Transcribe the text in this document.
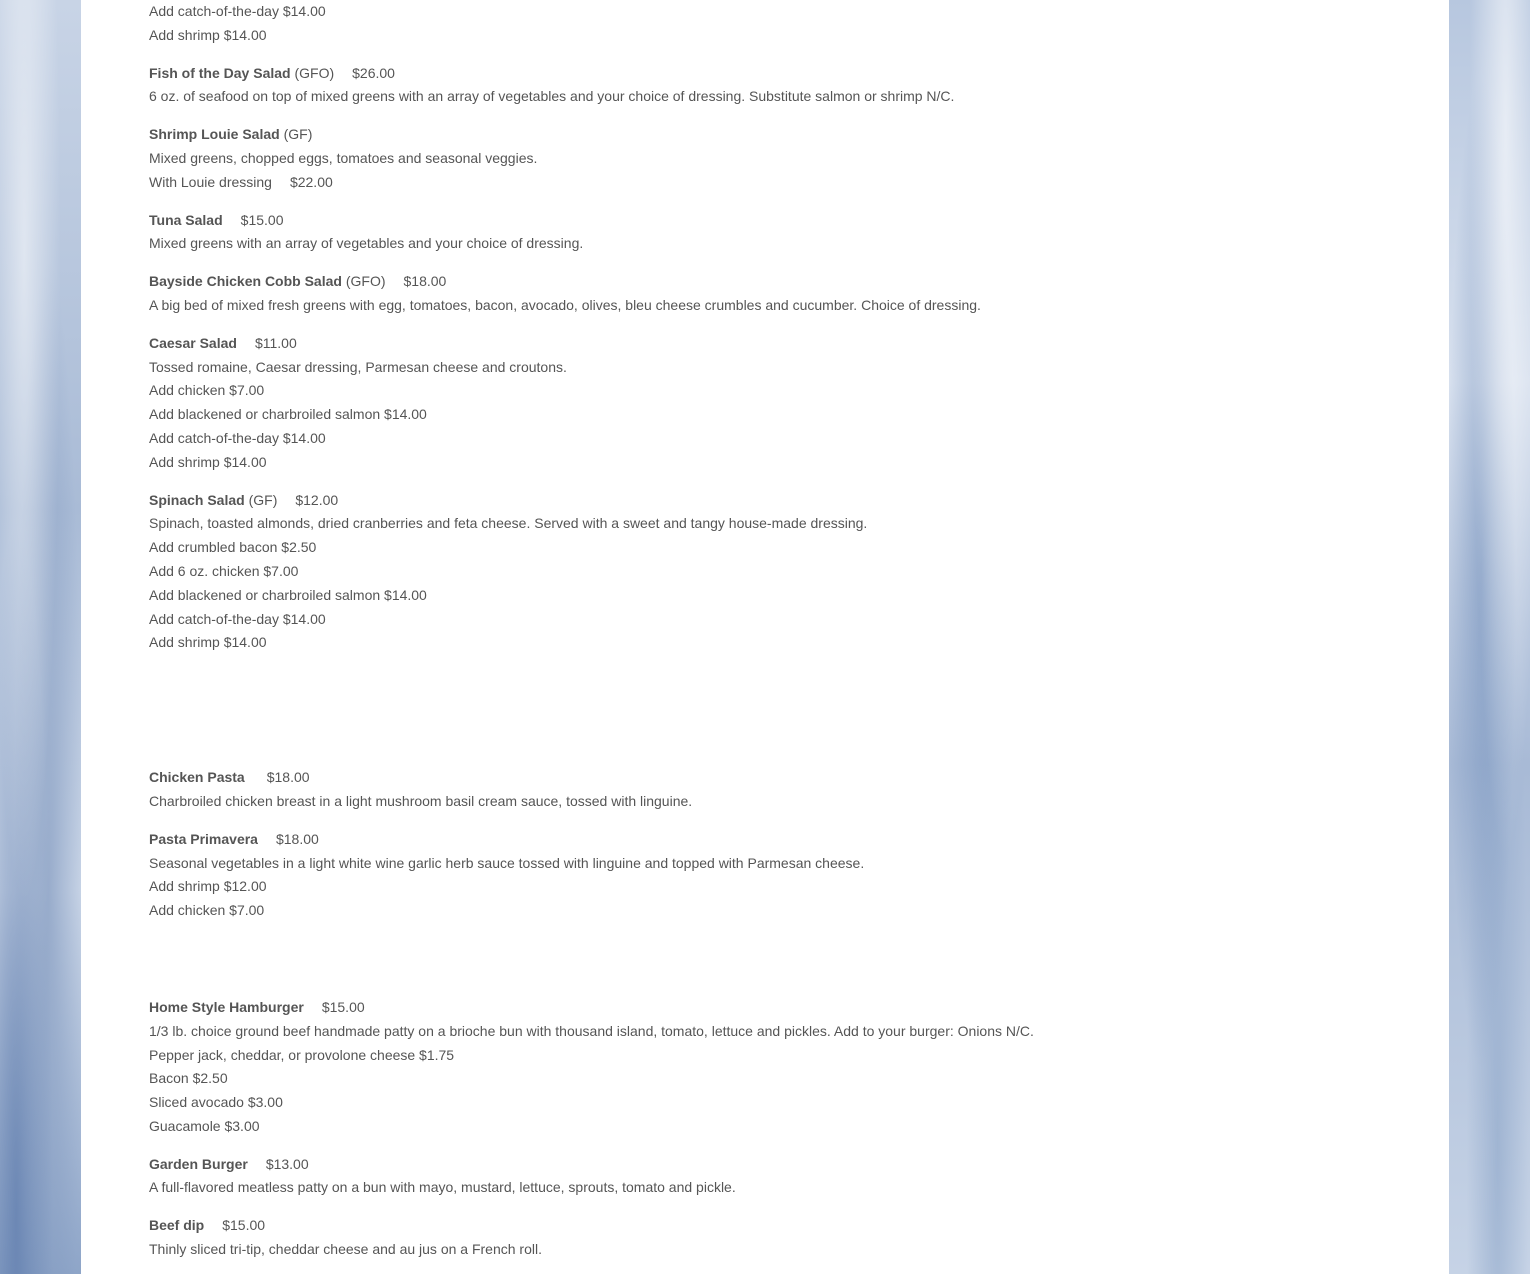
Add catch-of-the-day $14.00
Add shrimp $14.00
Fish of the Day Salad (GFO) $26.00
6 oz. of seafood on top of mixed greens with an array of vegetables and your choice of dressing. Substitute salmon or shrimp N/C.
Shrimp Louie Salad (GF)
Mixed greens, chopped eggs, tomatoes and seasonal veggies.
With Louie dressing $22.00
Tuna Salad $15.00
Mixed greens with an array of vegetables and your choice of dressing.
Bayside Chicken Cobb Salad (GFO) $18.00
A big bed of mixed fresh greens with egg, tomatoes, bacon, avocado, olives, bleu cheese crumbles and cucumber. Choice of dressing.
Caesar Salad $11.00
Tossed romaine, Caesar dressing, Parmesan cheese and croutons.
Add chicken $7.00
Add blackened or charbroiled salmon $14.00
Add catch-of-the-day $14.00
Add shrimp $14.00
Spinach Salad (GF) $12.00
Spinach, toasted almonds, dried cranberries and feta cheese. Served with a sweet and tangy house-made dressing.
Add crumbled bacon $2.50
Add 6 oz. chicken $7.00
Add blackened or charbroiled salmon $14.00
Add catch-of-the-day $14.00
Add shrimp $14.00
Chicken Pasta $18.00
Charbroiled chicken breast in a light mushroom basil cream sauce, tossed with linguine.
Pasta Primavera $18.00
Seasonal vegetables in a light white wine garlic herb sauce tossed with linguine and topped with Parmesan cheese.
Add shrimp $12.00
Add chicken $7.00
Home Style Hamburger $15.00
1/3 lb. choice ground beef handmade patty on a brioche bun with thousand island, tomato, lettuce and pickles. Add to your burger: Onions N/C.
Pepper jack, cheddar, or provolone cheese $1.75
Bacon $2.50
Sliced avocado $3.00
Guacamole $3.00
Garden Burger $13.00
A full-flavored meatless patty on a bun with mayo, mustard, lettuce, sprouts, tomato and pickle.
Beef dip $15.00
Thinly sliced tri-tip, cheddar cheese and au jus on a French roll.
